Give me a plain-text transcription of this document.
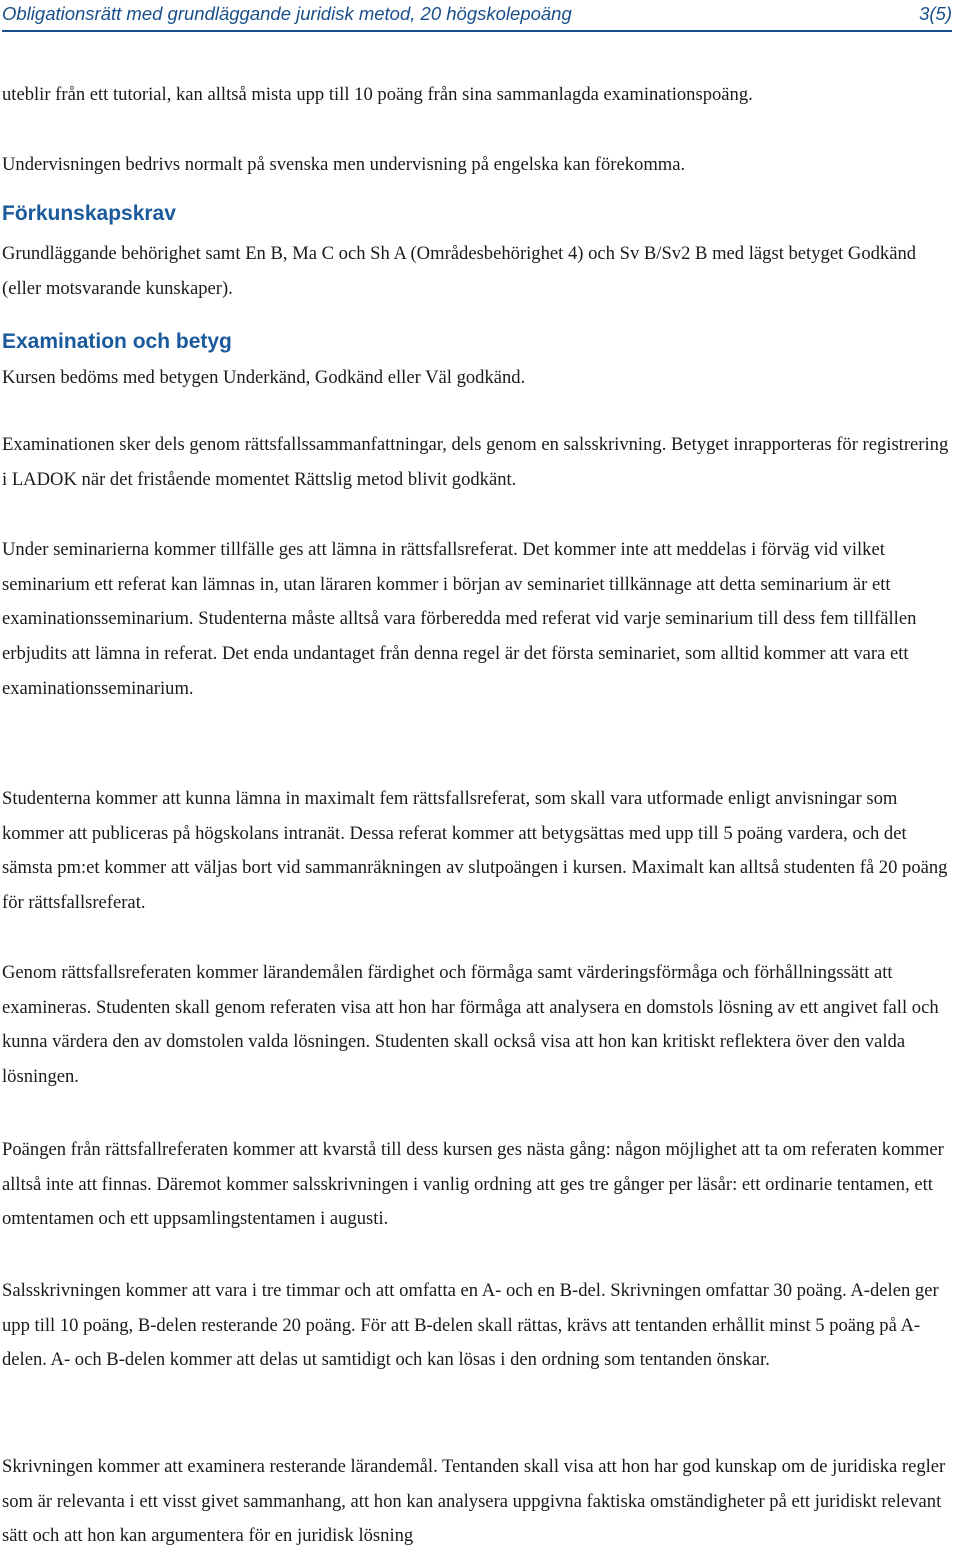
Obligationsrätt med grundläggande juridisk metod, 20 högskolepoäng	3(5)

uteblir från ett tutorial, kan alltså mista upp till 10 poäng från sina sammanlagda examinationspoäng.

Undervisningen bedrivs normalt på svenska men undervisning på engelska kan förekomma.

Förkunskapskrav

Grundläggande behörighet samt En B, Ma C och Sh A (Områdesbehörighet 4) och Sv B/Sv2 B med lägst betyget Godkänd (eller motsvarande kunskaper).

Examination och betyg

Kursen bedöms med betygen Underkänd, Godkänd eller Väl godkänd.

Examinationen sker dels genom rättsfallssammanfattningar, dels genom en salsskrivning. Betyget inrapporteras för registrering i LADOK när det fristående momentet Rättslig metod blivit godkänt.

Under seminarierna kommer tillfälle ges att lämna in rättsfallsreferat. Det kommer inte att meddelas i förväg vid vilket seminarium ett referat kan lämnas in, utan läraren kommer i början av seminariet tillkännage att detta seminarium är ett examinationsseminarium. Studenterna måste alltså vara förberedda med referat vid varje seminarium till dess fem tillfällen erbjudits att lämna in referat. Det enda undantaget från denna regel är det första seminariet, som alltid kommer att vara ett examinationsseminarium.

Studenterna kommer att kunna lämna in maximalt fem rättsfallsreferat, som skall vara utformade enligt anvisningar som kommer att publiceras på högskolans intranät. Dessa referat kommer att betygsättas med upp till 5 poäng vardera, och det sämsta pm:et kommer att väljas bort vid sammanräkningen av slutpoängen i kursen. Maximalt kan alltså studenten få 20 poäng för rättsfallsreferat.

Genom rättsfallsreferaten kommer lärandemålen färdighet och förmåga samt värderingsförmåga och förhållningssätt att examineras. Studenten skall genom referaten visa att hon har förmåga att analysera en domstols lösning av ett angivet fall och kunna värdera den av domstolen valda lösningen. Studenten skall också visa att hon kan kritiskt reflektera över den valda lösningen.

Poängen från rättsfallreferaten kommer att kvarstå till dess kursen ges nästa gång: någon möjlighet att ta om referaten kommer alltså inte att finnas. Däremot kommer salsskrivningen i vanlig ordning att ges tre gånger per läsår: ett ordinarie tentamen, ett omtentamen och ett uppsamlingstentamen i augusti.

Salsskrivningen kommer att vara i tre timmar och att omfatta en A- och en B-del. Skrivningen omfattar 30 poäng. A-delen ger upp till 10 poäng, B-delen resterande 20 poäng. För att B-delen skall rättas, krävs att tentanden erhållit minst 5 poäng på A-delen. A- och B-delen kommer att delas ut samtidigt och kan lösas i den ordning som tentanden önskar.

Skrivningen kommer att examinera resterande lärandemål. Tentanden skall visa att hon har god kunskap om de juridiska regler som är relevanta i ett visst givet sammanhang, att hon kan analysera uppgivna faktiska omständigheter på ett juridiskt relevant sätt och att hon kan argumentera för en juridisk lösning
